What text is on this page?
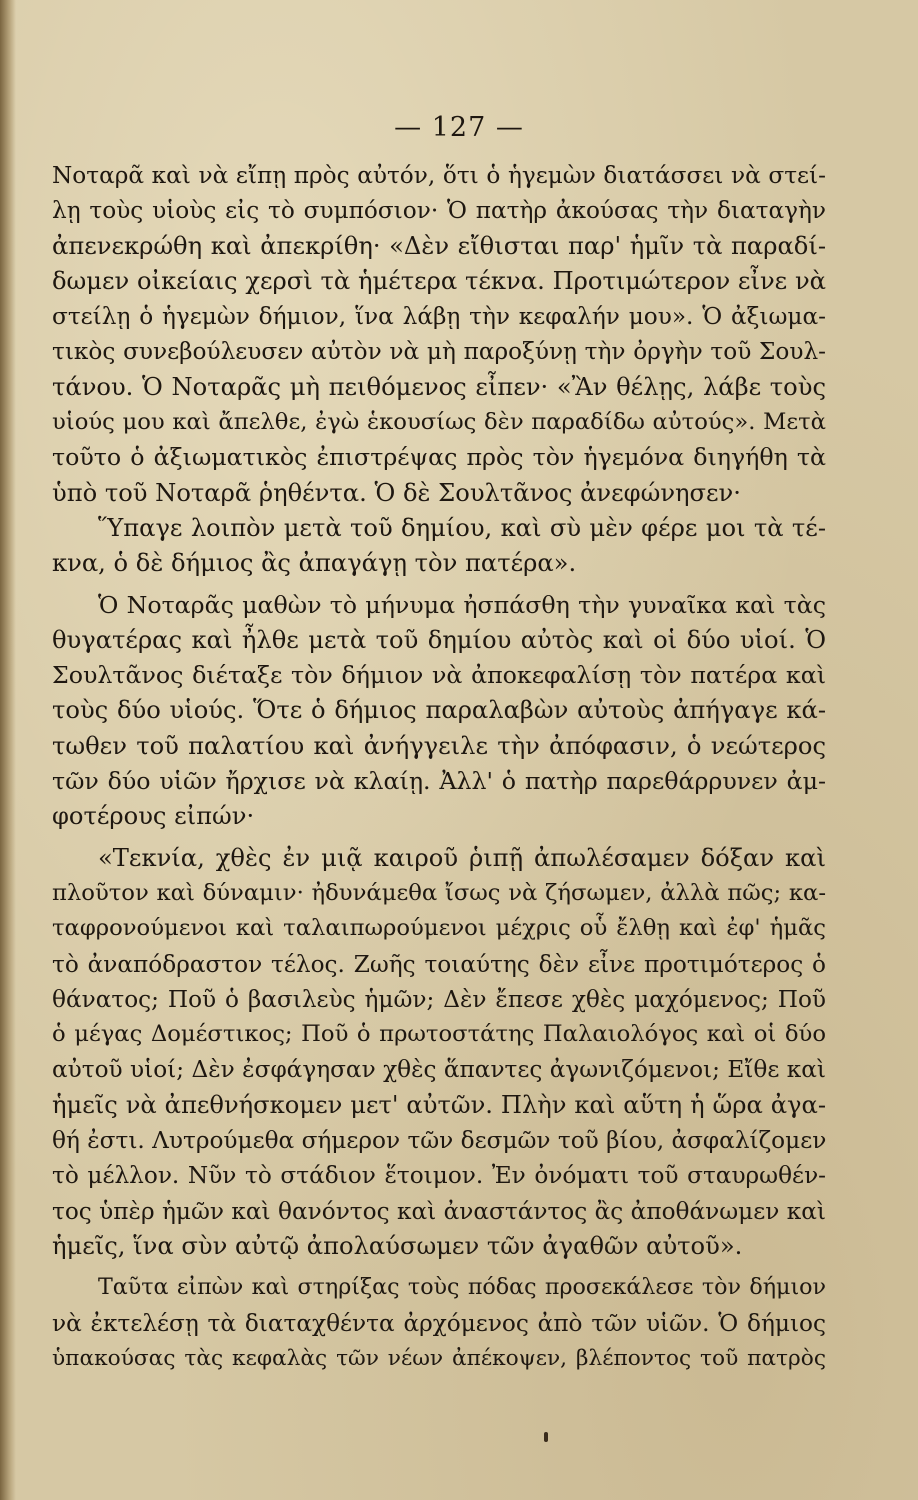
— 127 —
Νοταρᾶ καὶ νὰ εἴπῃ πρὸς αὐτόν, ὅτι ὁ ἡγεμὼν διατάσσει νὰ στεί-
λῃ τοὺς υἱοὺς εἰς τὸ συμπόσιον· Ὁ πατὴρ ἀκούσας τὴν διαταγὴν
ἀπενεκρώθη καὶ ἀπεκρίθη· «Δὲν εἴθισται παρ' ἡμῖν τὰ παραδί-
δωμεν οἰκείαις χερσὶ τὰ ἡμέτερα τέκνα. Προτιμώτερον εἶνε νὰ
στείλῃ ὁ ἡγεμὼν δήμιον, ἵνα λάβῃ τὴν κεφαλήν μου». Ὁ ἀξιωμα-
τικὸς συνεβούλευσεν αὐτὸν νὰ μὴ παροξύνῃ τὴν ὀργὴν τοῦ Σουλ-
τάνου. Ὁ Νοταρᾶς μὴ πειθόμενος εἶπεν· «Ἂν θέλῃς, λάβε τοὺς
υἱούς μου καὶ ἄπελθε, ἐγὼ ἑκουσίως δὲν παραδίδω αὐτούς». Μετὰ
τοῦτο ὁ ἀξιωματικὸς ἐπιστρέψας πρὸς τὸν ἡγεμόνα διηγήθη τὰ
ὑπὸ τοῦ Νοταρᾶ ῥηθέντα. Ὁ δὲ Σουλτᾶνος ἀνεφώνησεν·
Ὕπαγε λοιπὸν μετὰ τοῦ δημίου, καὶ σὺ μὲν φέρε μοι τὰ τέ-
κνα, ὁ δὲ δήμιος ἂς ἀπαγάγῃ τὸν πατέρα».
Ὁ Νοταρᾶς μαθὼν τὸ μήνυμα ἠσπάσθη τὴν γυναῖκα καὶ τὰς
θυγατέρας καὶ ἦλθε μετὰ τοῦ δημίου αὐτὸς καὶ οἱ δύο υἱοί. Ὁ
Σουλτᾶνος διέταξε τὸν δήμιον νὰ ἀποκεφαλίσῃ τὸν πατέρα καὶ
τοὺς δύο υἱούς. Ὅτε ὁ δήμιος παραλαβὼν αὐτοὺς ἀπήγαγε κά-
τωθεν τοῦ παλατίου καὶ ἀνήγγειλε τὴν ἀπόφασιν, ὁ νεώτερος
τῶν δύο υἱῶν ἤρχισε νὰ κλαίῃ. Ἀλλ' ὁ πατὴρ παρεθάρρυνεν ἀμ-
φοτέρους εἰπών·
«Τεκνία, χθὲς ἐν μιᾷ καιροῦ ῥιπῇ ἀπωλέσαμεν δόξαν καὶ
πλοῦτον καὶ δύναμιν· ἠδυνάμεθα ἴσως νὰ ζήσωμεν, ἀλλὰ πῶς; κα-
ταφρονούμενοι καὶ ταλαιπωρούμενοι μέχρις οὗ ἔλθῃ καὶ ἐφ' ἡμᾶς
τὸ ἀναπόδραστον τέλος. Ζωῆς τοιαύτης δὲν εἶνε προτιμότερος ὁ
θάνατος; Ποῦ ὁ βασιλεὺς ἡμῶν; Δὲν ἔπεσε χθὲς μαχόμενος; Ποῦ
ὁ μέγας Δομέστικος; Ποῦ ὁ πρωτοστάτης Παλαιολόγος καὶ οἱ δύο
αὐτοῦ υἱοί; Δὲν ἐσφάγησαν χθὲς ἅπαντες ἀγωνιζόμενοι; Εἴθε καὶ
ἡμεῖς νὰ ἀπεθνήσκομεν μετ' αὐτῶν. Πλὴν καὶ αὕτη ἡ ὥρα ἀγα-
θή ἐστι. Λυτρούμεθα σήμερον τῶν δεσμῶν τοῦ βίου, ἀσφαλίζομεν
τὸ μέλλον. Νῦν τὸ στάδιον ἕτοιμον. Ἐν ὀνόματι τοῦ σταυρωθέν-
τος ὑπὲρ ἡμῶν καὶ θανόντος καὶ ἀναστάντος ἂς ἀποθάνωμεν καὶ
ἡμεῖς, ἵνα σὺν αὐτῷ ἀπολαύσωμεν τῶν ἀγαθῶν αὐτοῦ».
Ταῦτα εἰπὼν καὶ στηρίξας τοὺς πόδας προσεκάλεσε τὸν δήμιον
νὰ ἐκτελέσῃ τὰ διαταχθέντα ἀρχόμενος ἀπὸ τῶν υἱῶν. Ὁ δήμιος
ὑπακούσας τὰς κεφαλὰς τῶν νέων ἀπέκοψεν, βλέποντος τοῦ πατρὸς
